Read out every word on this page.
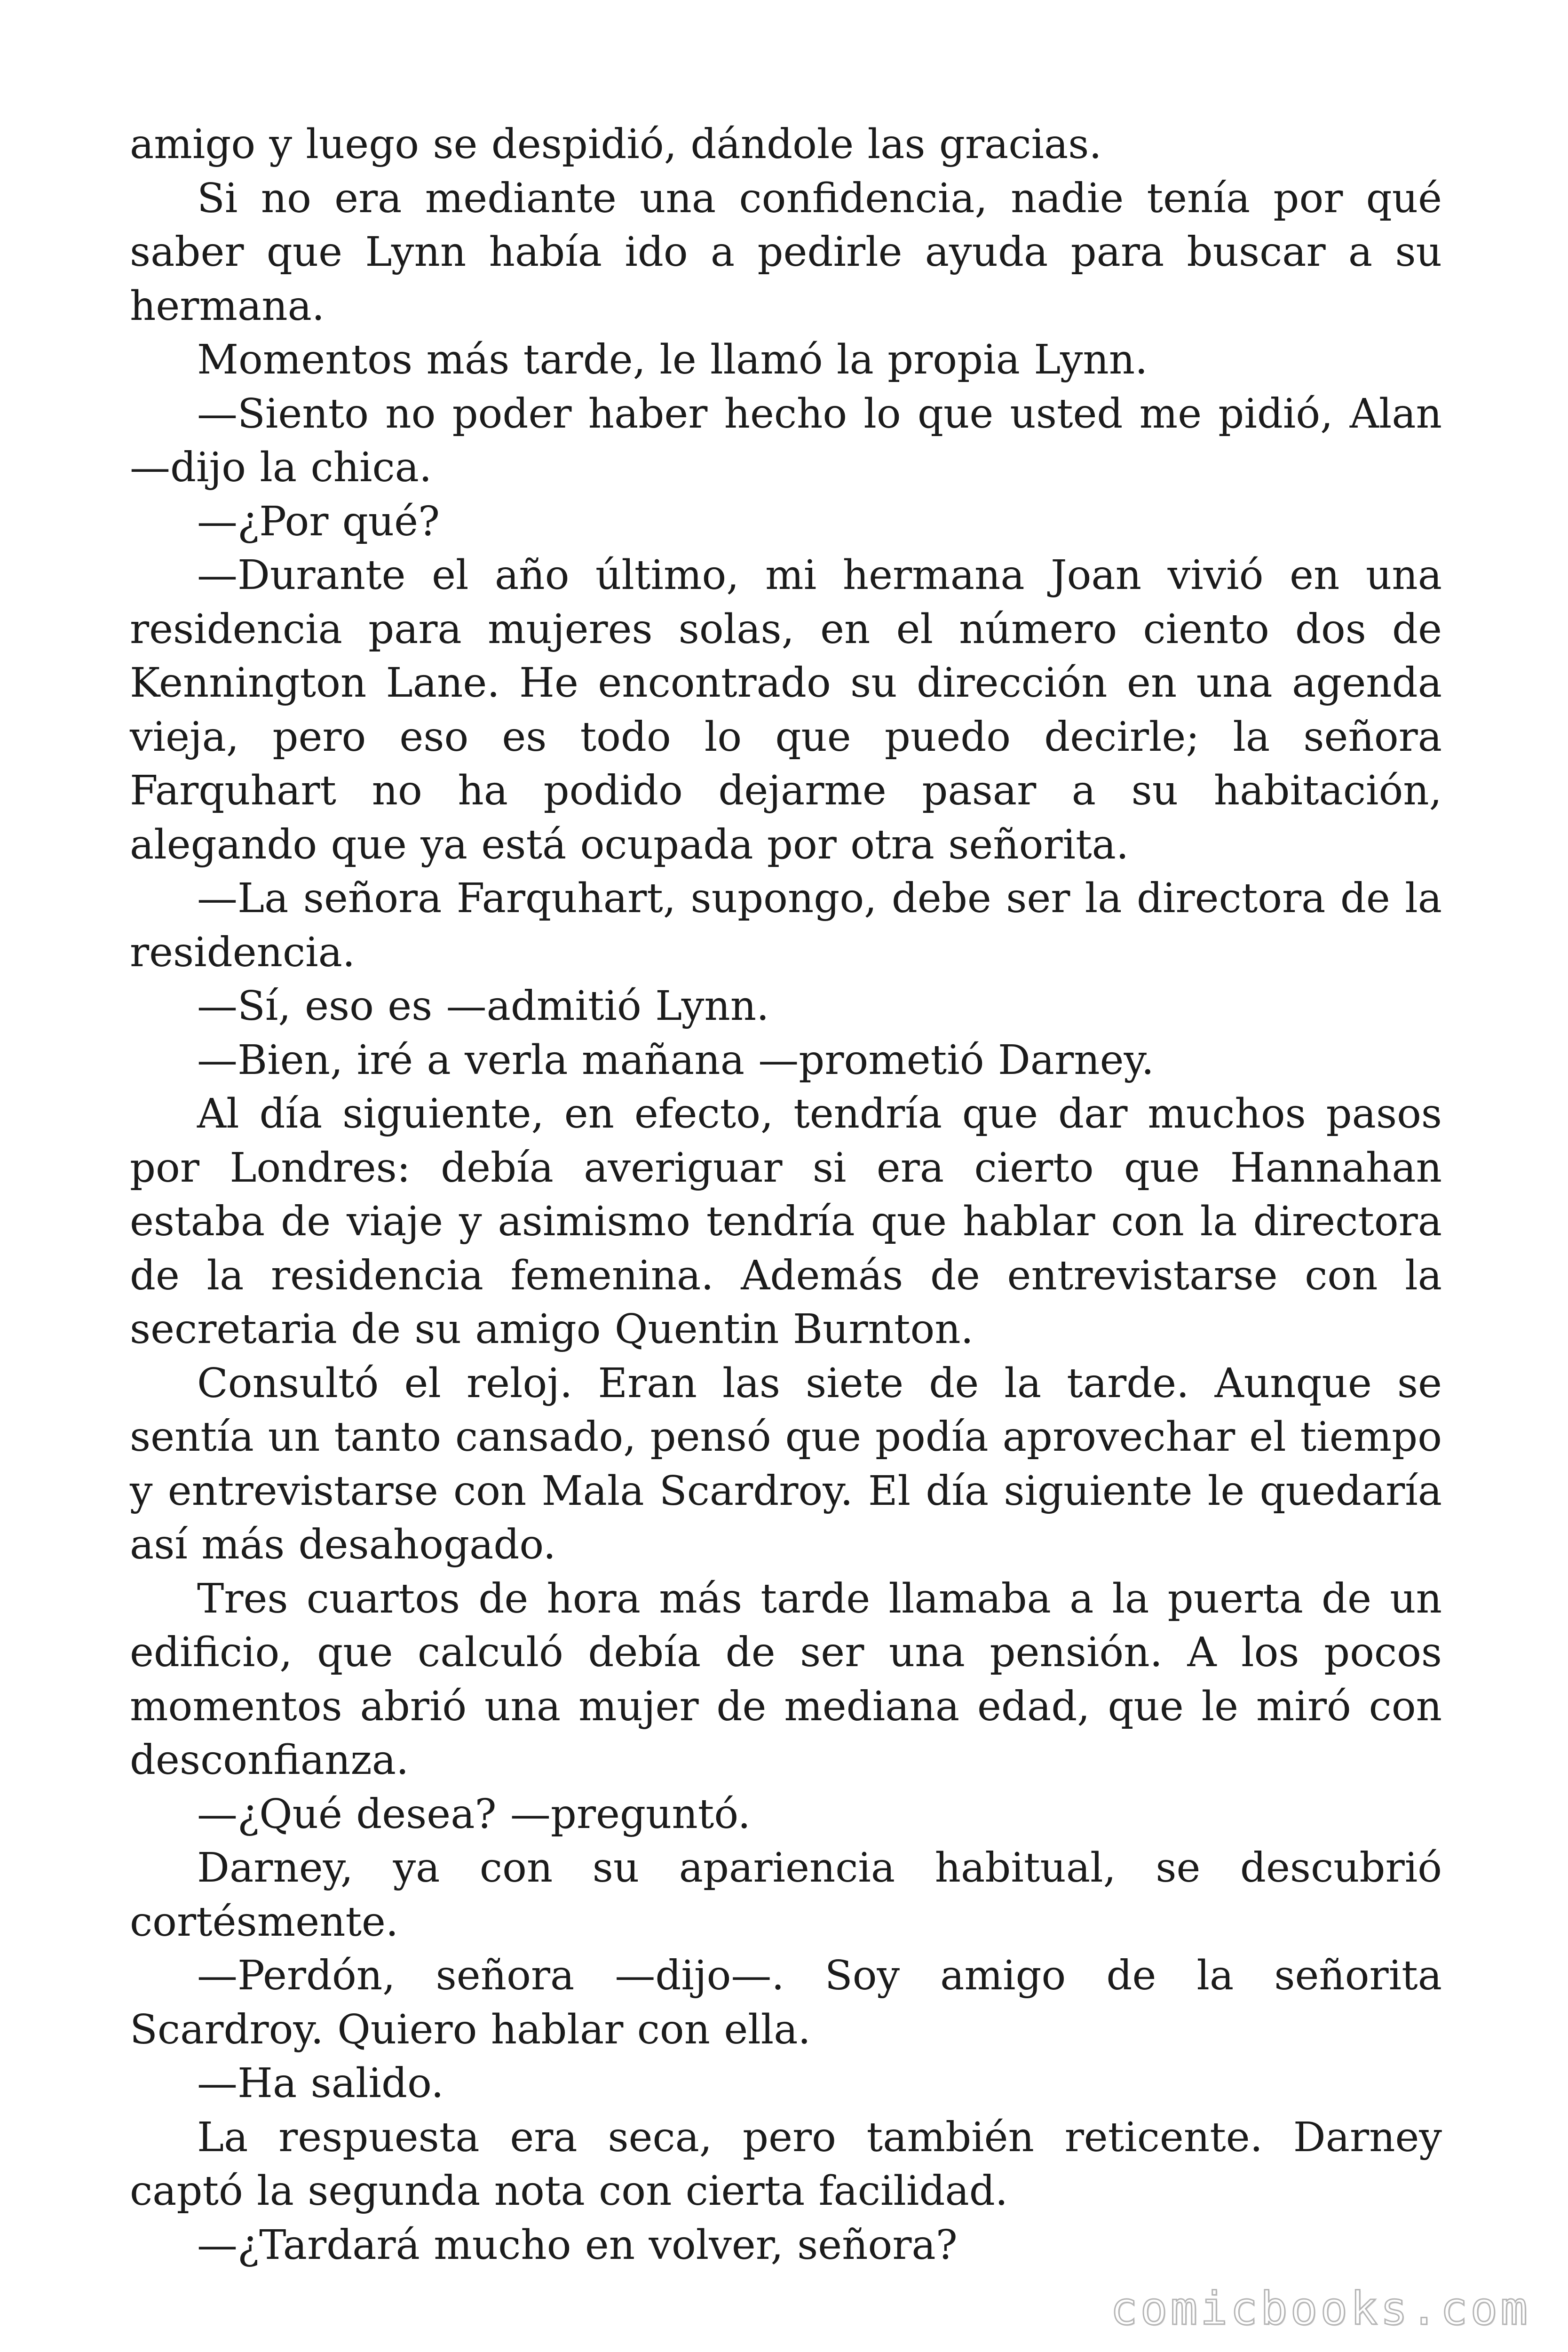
amigo y luego se despidió, dándole las gracias.

Si no era mediante una confidencia, nadie tenía por qué saber que Lynn había ido a pedirle ayuda para buscar a su hermana.

Momentos más tarde, le llamó la propia Lynn.

—Siento no poder haber hecho lo que usted me pidió, Alan —dijo la chica.

—¿Por qué?

—Durante el año último, mi hermana Joan vivió en una residencia para mujeres solas, en el número ciento dos de Kennington Lane. He encontrado su dirección en una agenda vieja, pero eso es todo lo que puedo decirle; la señora Farquhart no ha podido dejarme pasar a su habitación, alegando que ya está ocupada por otra señorita.

—La señora Farquhart, supongo, debe ser la directora de la residencia.

—Sí, eso es —admitió Lynn.

—Bien, iré a verla mañana —prometió Darney.

Al día siguiente, en efecto, tendría que dar muchos pasos por Londres: debía averiguar si era cierto que Hannahan estaba de viaje y asimismo tendría que hablar con la directora de la residencia femenina. Además de entrevistarse con la secretaria de su amigo Quentin Burnton.

Consultó el reloj. Eran las siete de la tarde. Aunque se sentía un tanto cansado, pensó que podía aprovechar el tiempo y entrevistarse con Mala Scardroy. El día siguiente le quedaría así más desahogado.

Tres cuartos de hora más tarde llamaba a la puerta de un edificio, que calculó debía de ser una pensión. A los pocos momentos abrió una mujer de mediana edad, que le miró con desconfianza.

—¿Qué desea? —preguntó.

Darney, ya con su apariencia habitual, se descubrió cortésmente.

—Perdón, señora —dijo—. Soy amigo de la señorita Scardroy. Quiero hablar con ella.

—Ha salido.

La respuesta era seca, pero también reticente. Darney captó la segunda nota con cierta facilidad.

—¿Tardará mucho en volver, señora?

comicbooks.com
